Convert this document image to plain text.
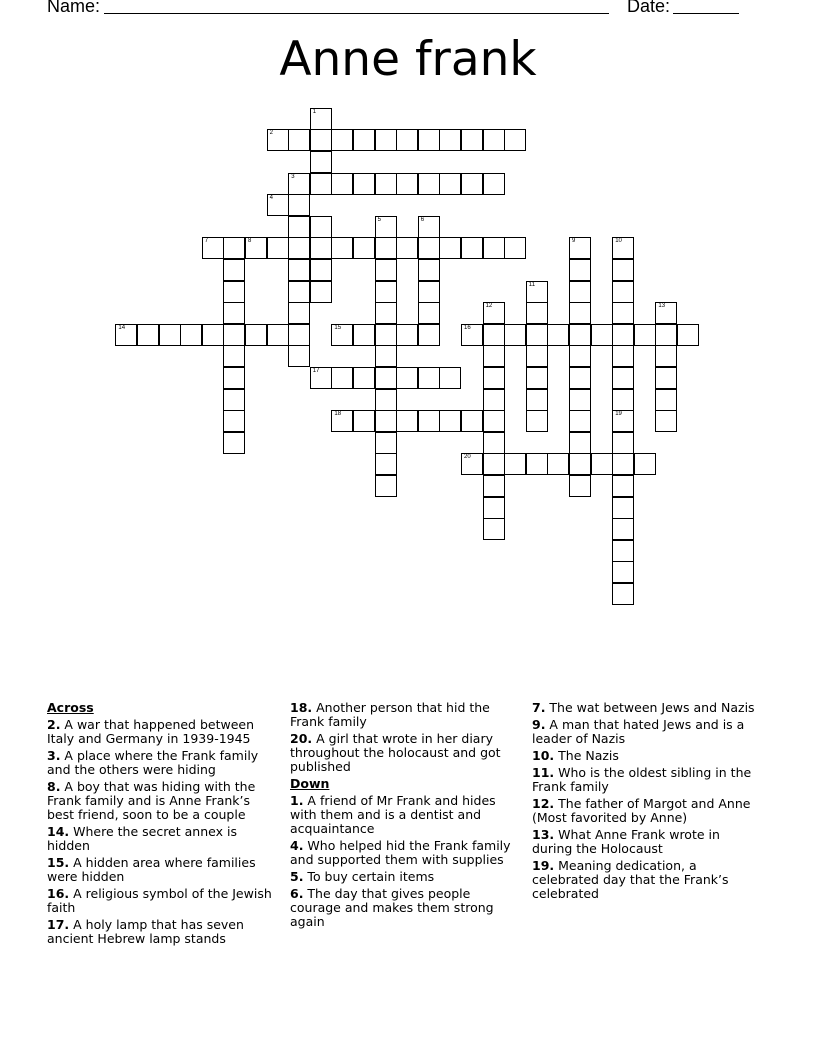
Name:	Date:
Anne frank
1
5	6
9	10
11
12	13
14	15	16
17
18	19
20
2
3
4
7	8
Across
2. A war that happened between Italy and Germany in 1939-1945
3. A place where the Frank family and the others were hiding
8. A boy that was hiding with the Frank family and is Anne Frank’s best friend, soon to be a couple
14. Where the secret annex is hidden
15. A hidden area where families were hidden
16. A religious symbol of the Jewish faith
17. A holy lamp that has seven ancient Hebrew lamp stands
18. Another person that hid the Frank family
20. A girl that wrote in her diary throughout the holocaust and got published
Down
1. A friend of Mr Frank and hides with them and is a dentist and acquaintance
4. Who helped hid the Frank family and supported them with supplies
5. To buy certain items
6. The day that gives people courage and makes them strong again
7. The wat between Jews and Nazis
9. A man that hated Jews and is a leader of Nazis
10. The Nazis
11. Who is the oldest sibling in the Frank family
12. The father of Margot and Anne (Most favorited by Anne)
13. What Anne Frank wrote in during the Holocaust
19. Meaning dedication, a celebrated day that the Frank’s celebrated
